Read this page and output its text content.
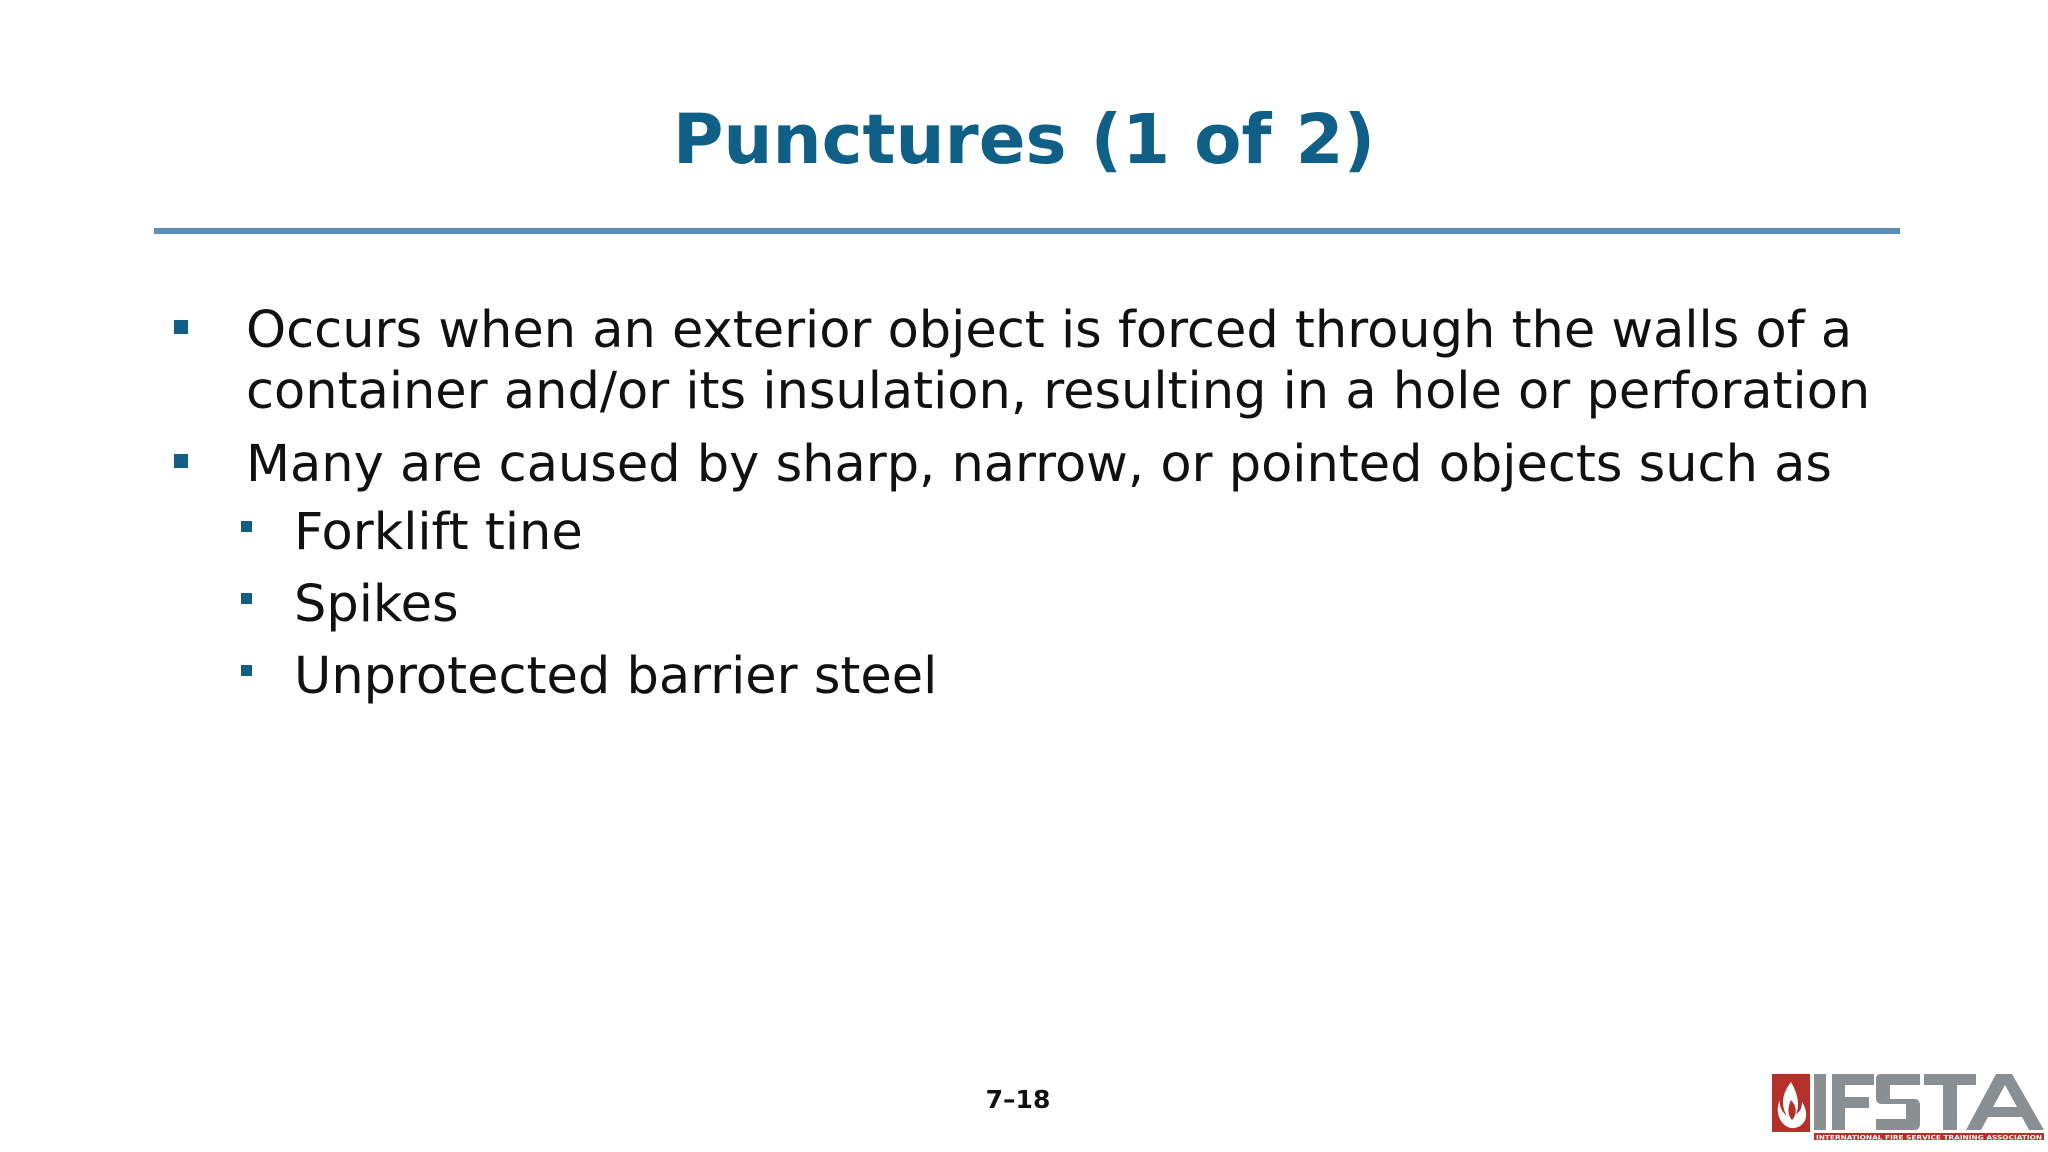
Punctures (1 of 2)
Occurs when an exterior object is forced through the walls of a container and/or its insulation, resulting in a hole or perforation
Many are caused by sharp, narrow, or pointed objects such as
Forklift tine
Spikes
Unprotected barrier steel
7–18
INTERNATIONAL FIRE SERVICE TRAINING ASSOCIATION
